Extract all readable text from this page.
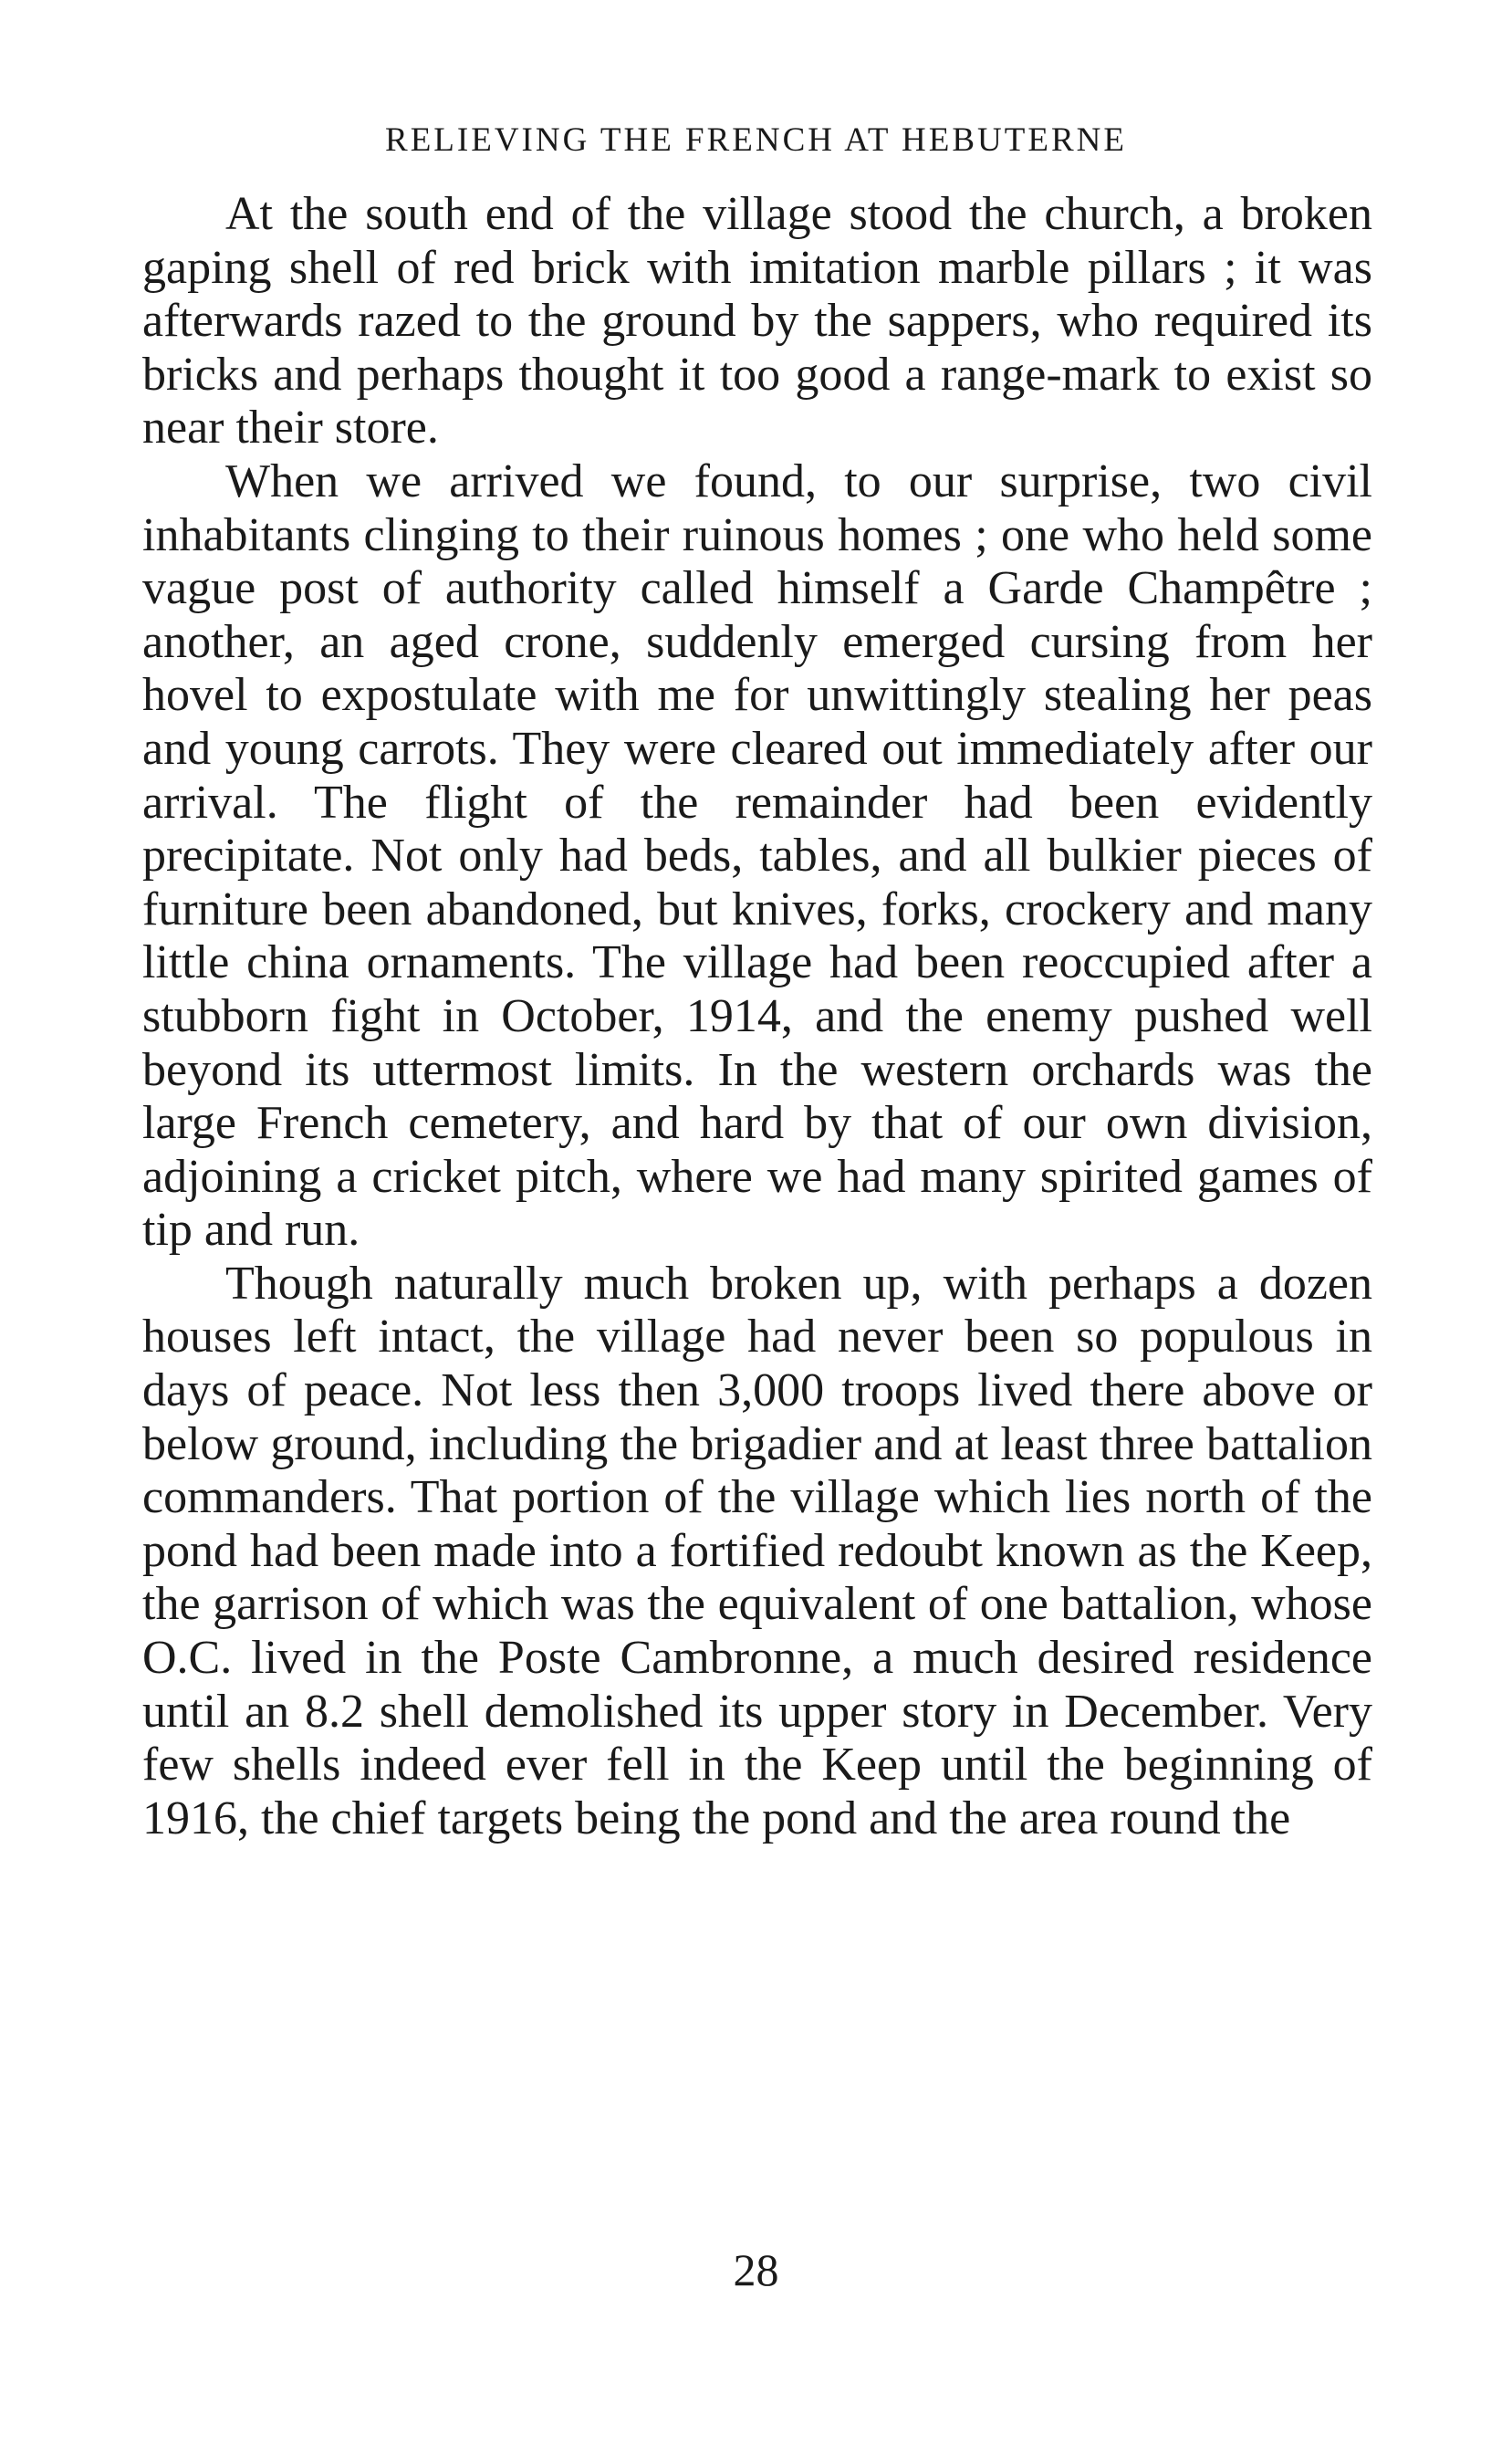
RELIEVING THE FRENCH AT HEBUTERNE

At the south end of the village stood the church, a broken gaping shell of red brick with imitation marble pillars ; it was afterwards razed to the ground by the sappers, who required its bricks and perhaps thought it too good a range-mark to exist so near their store.

When we arrived we found, to our surprise, two civil inhabitants clinging to their ruinous homes ; one who held some vague post of authority called himself a Garde Champêtre ; another, an aged crone, suddenly emerged cursing from her hovel to expostulate with me for unwittingly stealing her peas and young carrots. They were cleared out immediately after our arrival. The flight of the remainder had been evidently precipitate. Not only had beds, tables, and all bulkier pieces of furniture been abandoned, but knives, forks, crockery and many little china ornaments. The village had been reoccupied after a stubborn fight in October, 1914, and the enemy pushed well beyond its uttermost limits. In the western orchards was the large French cemetery, and hard by that of our own division, adjoining a cricket pitch, where we had many spirited games of tip and run.

Though naturally much broken up, with perhaps a dozen houses left intact, the village had never been so populous in days of peace. Not less then 3,000 troops lived there above or below ground, including the brigadier and at least three battalion commanders. That portion of the village which lies north of the pond had been made into a fortified redoubt known as the Keep, the garrison of which was the equivalent of one battalion, whose O.C. lived in the Poste Cambronne, a much desired residence until an 8.2 shell demolished its upper story in December. Very few shells indeed ever fell in the Keep until the beginning of 1916, the chief targets being the pond and the area round the

28
